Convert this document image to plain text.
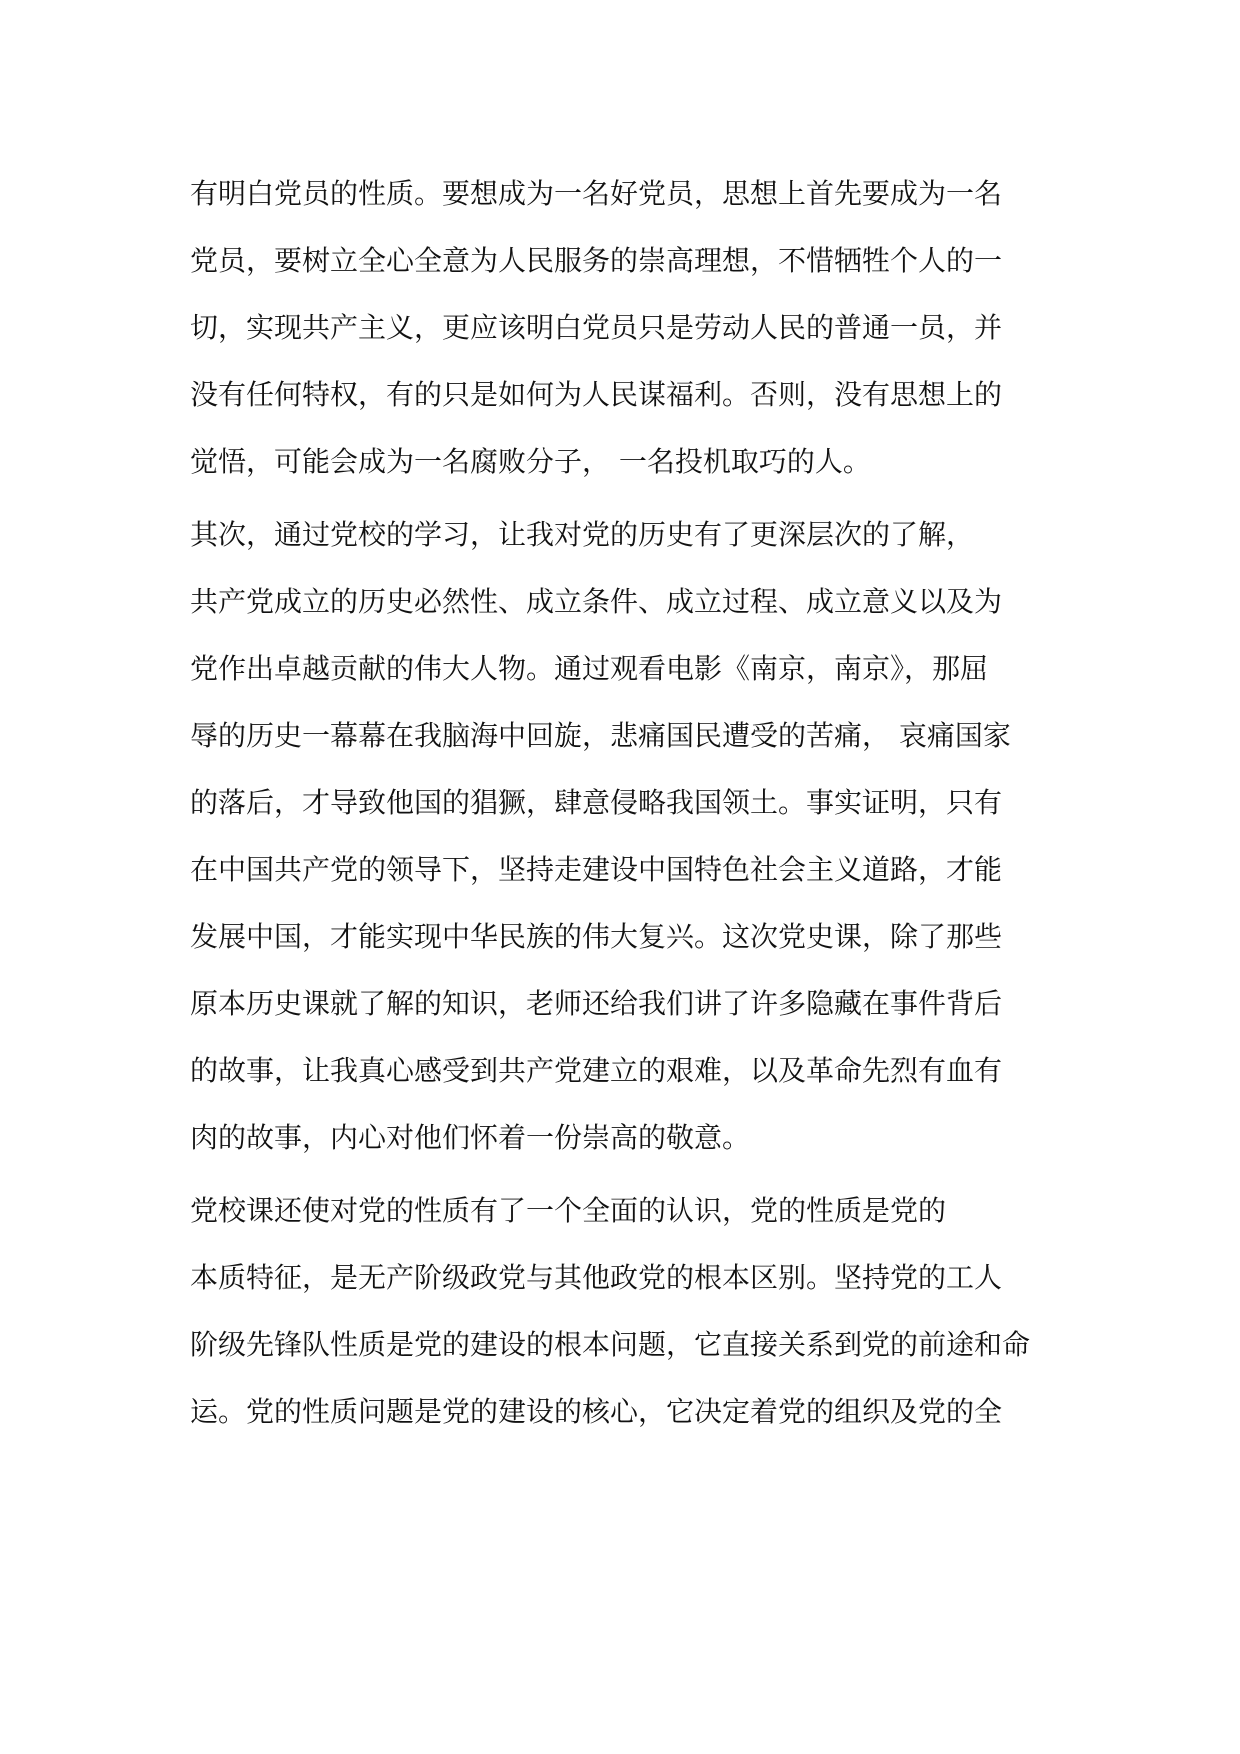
有明白党员的性质。要想成为一名好党员，思想上首先要成为一名
党员，要树立全心全意为人民服务的崇高理想，不惜牺牲个人的一
切，实现共产主义，更应该明白党员只是劳动人民的普通一员，并
没有任何特权，有的只是如何为人民谋福利。否则，没有思想上的
觉悟，可能会成为一名腐败分子， 一名投机取巧的人。
其次，通过党校的学习，让我对党的历史有了更深层次的了解，
共产党成立的历史必然性、成立条件、成立过程、成立意义以及为
党作出卓越贡献的伟大人物。通过观看电影《南京，南京》，那屈
辱的历史一幕幕在我脑海中回旋，悲痛国民遭受的苦痛， 哀痛国家
的落后，才导致他国的猖獗，肆意侵略我国领土。事实证明，只有
在中国共产党的领导下，坚持走建设中国特色社会主义道路，才能
发展中国，才能实现中华民族的伟大复兴。这次党史课，除了那些
原本历史课就了解的知识，老师还给我们讲了许多隐藏在事件背后
的故事，让我真心感受到共产党建立的艰难，以及革命先烈有血有
肉的故事，内心对他们怀着一份崇高的敬意。
党校课还使对党的性质有了一个全面的认识，党的性质是党的
本质特征，是无产阶级政党与其他政党的根本区别。坚持党的工人
阶级先锋队性质是党的建设的根本问题，它直接关系到党的前途和命
运。党的性质问题是党的建设的核心，它决定着党的组织及党的全
